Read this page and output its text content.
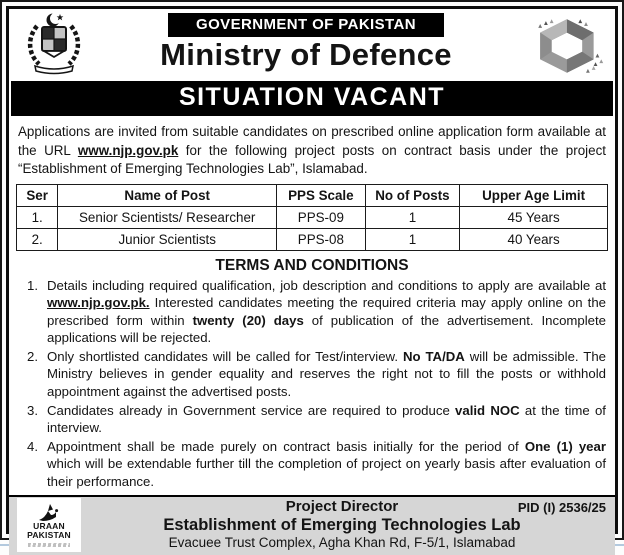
GOVERNMENT OF PAKISTAN
Ministry of Defence
SITUATION VACANT
Applications are invited from suitable candidates on prescribed online application form available at the URL www.njp.gov.pk for the following project posts on contract basis under the project “Establishment of Emerging Technologies Lab”, Islamabad.
Ser	Name of Post	PPS Scale	No of Posts	Upper Age Limit
1.	Senior Scientists/ Researcher	PPS-09	1	45 Years
2.	Junior Scientists	PPS-08	1	40 Years
TERMS AND CONDITIONS
1. Details including required qualification, job description and conditions to apply are available at www.njp.gov.pk. Interested candidates meeting the required criteria may apply online on the prescribed form within twenty (20) days of publication of the advertisement. Incomplete applications will be rejected.
2. Only shortlisted candidates will be called for Test/interview. No TA/DA will be admissible. The Ministry believes in gender equality and reserves the right not to fill the posts or withhold appointment against the advertised posts.
3. Candidates already in Government service are required to produce valid NOC at the time of interview.
4. Appointment shall be made purely on contract basis initially for the period of One (1) year which will be extendable further till the completion of project on yearly basis after evaluation of their performance.
URAAN
PAKISTAN
Project Director
Establishment of Emerging Technologies Lab
Evacuee Trust Complex, Agha Khan Rd, F-5/1, Islamabad
PID (I) 2536/25
